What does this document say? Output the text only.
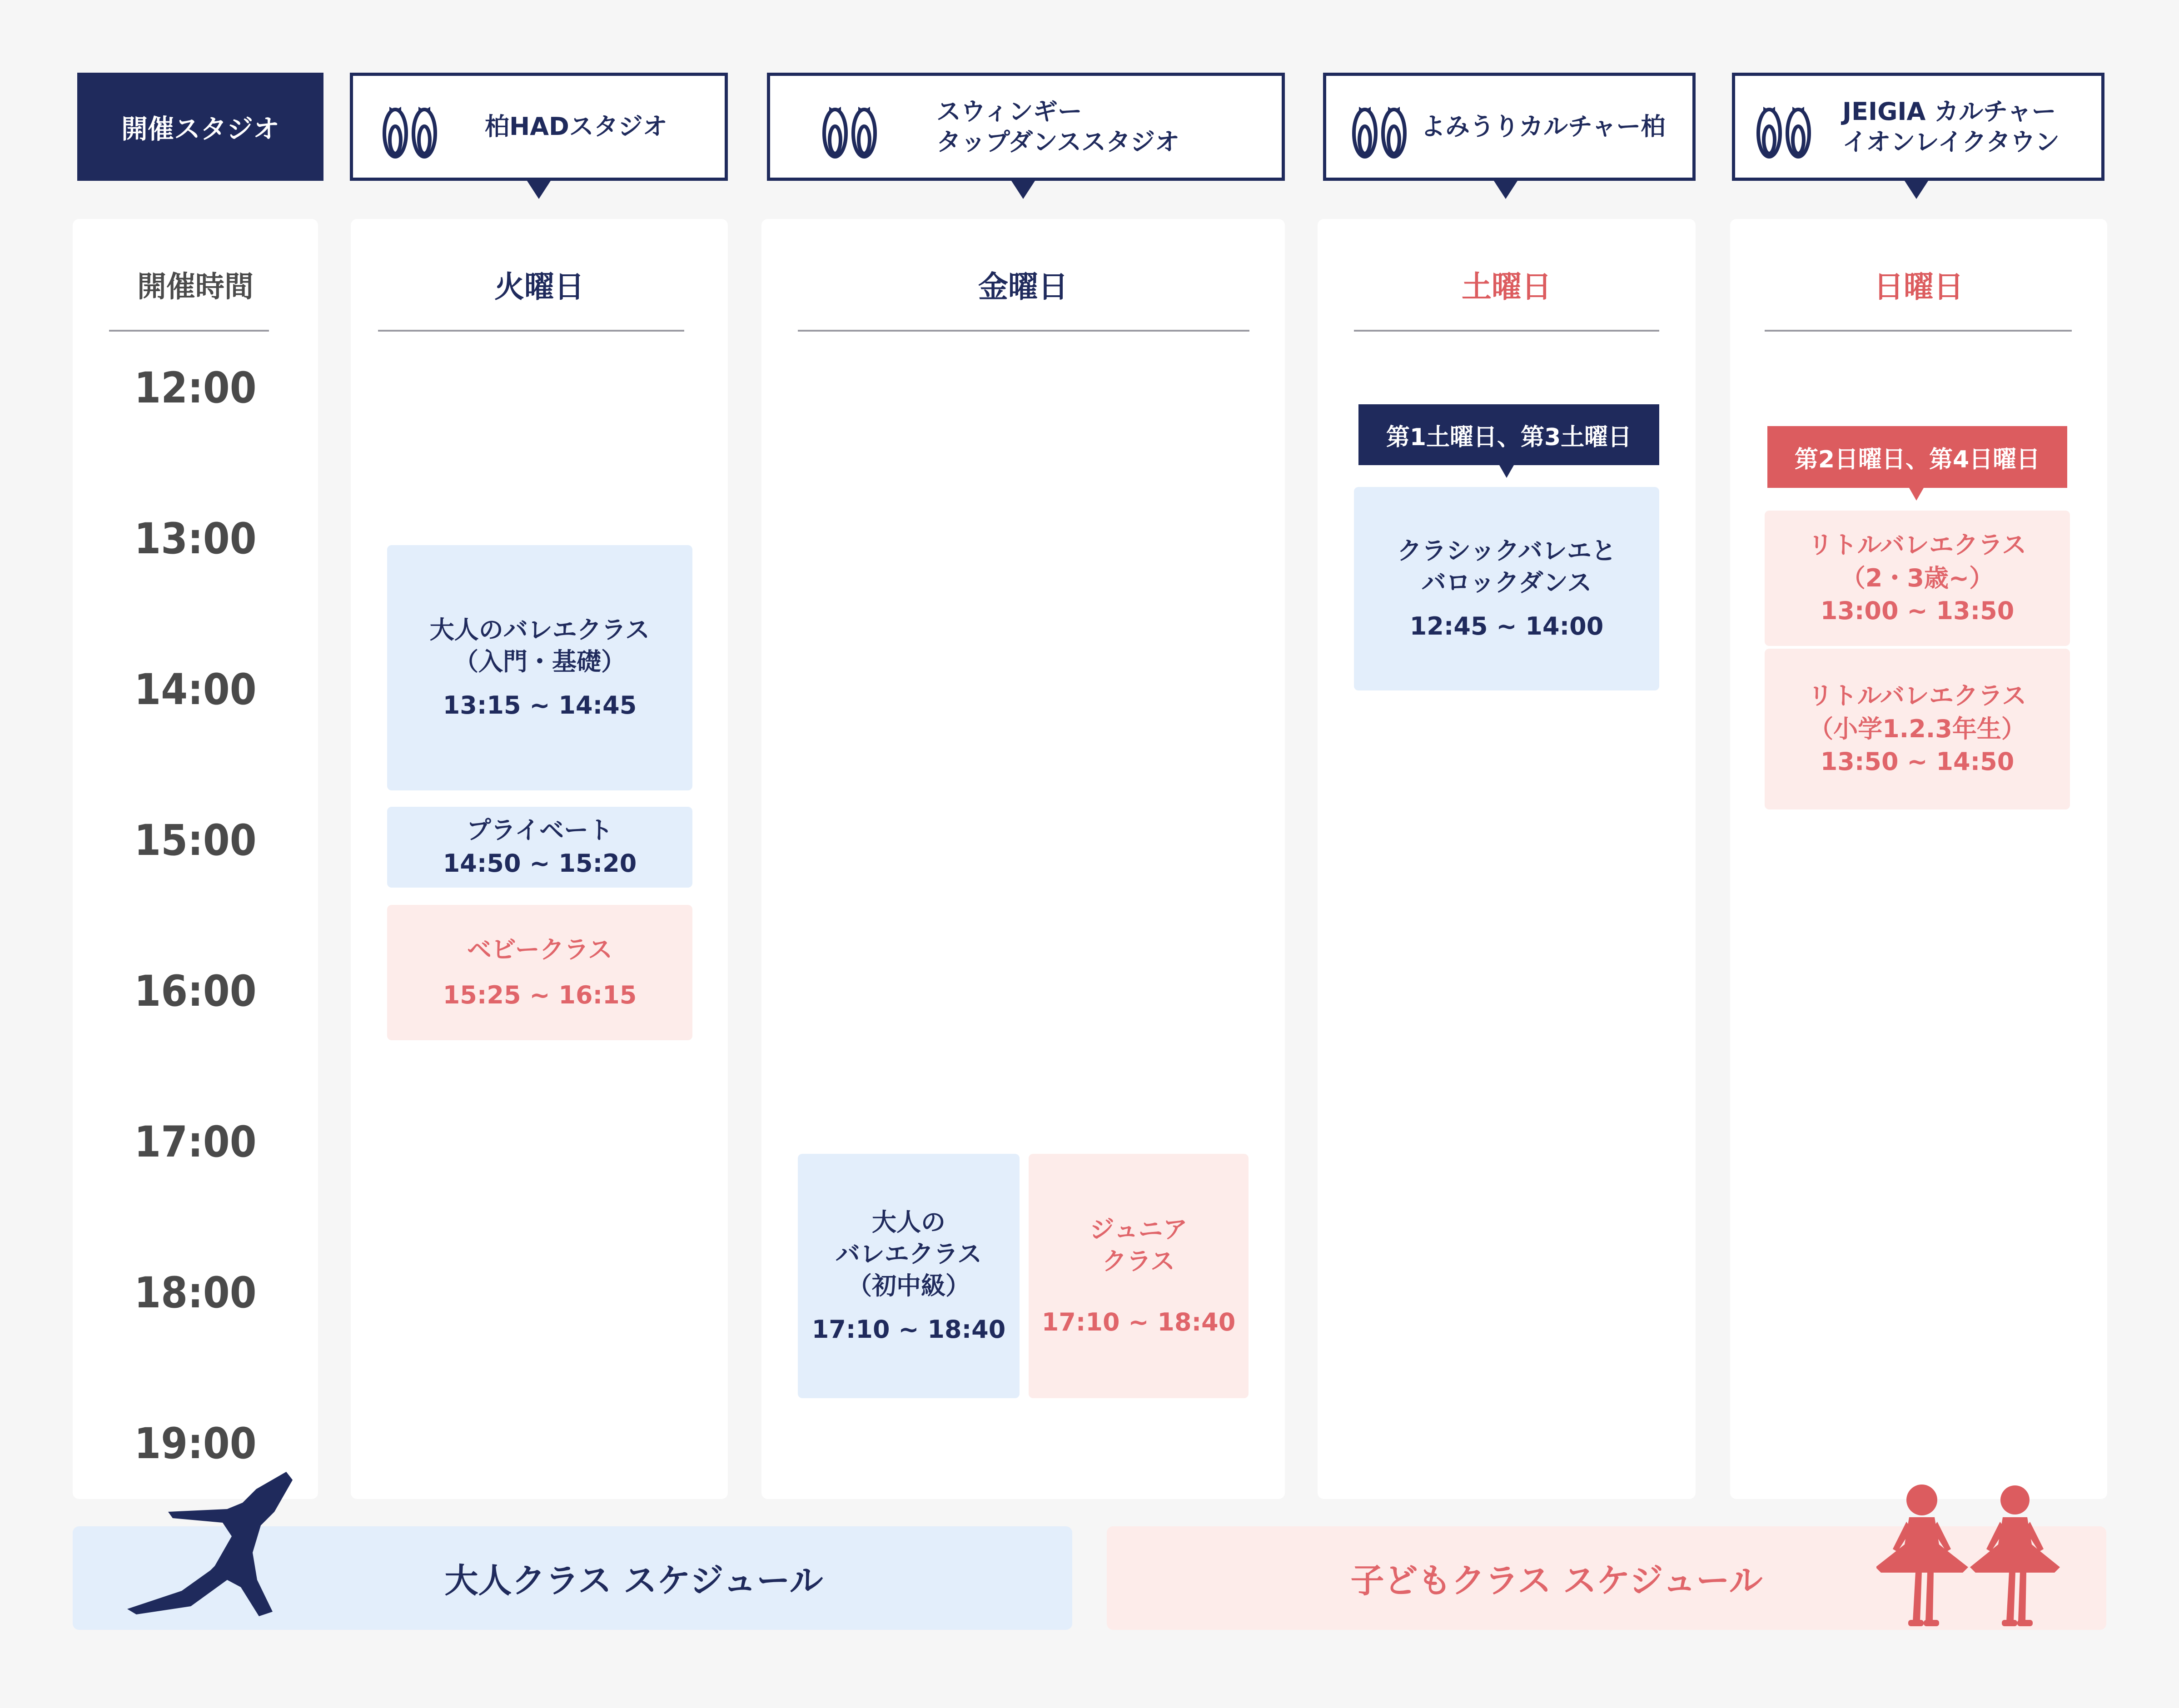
開催スタジオ	柏HADスタジオ
スウィンギー
タップダンススタジオ
よみうりカルチャー柏
JEIGIA カルチャー
イオンレイクタウン
開催時間
12:00
13:00
14:00
15:00
16:00
17:00
18:00
19:00
火曜日
大人のバレエクラス
（入門・基礎）
13:15 ~ 14:45
プライベート
14:50 ~ 15:20
ベビークラス
15:25 ~ 16:15
金曜日
大人の
バレエクラス
（初中級）
17:10 ~ 18:40
ジュニア
クラス
17:10 ~ 18:40
土曜日
第1土曜日、第3土曜日
クラシックバレエと
バロックダンス
12:45 ~ 14:00
日曜日
第2日曜日、第4日曜日
リトルバレエクラス
（2・3歳~）
13:00 ~ 13:50
リトルバレエクラス
（小学1.2.3年生）
13:50 ~ 14:50
大人クラス スケジュール	子どもクラス スケジュール
